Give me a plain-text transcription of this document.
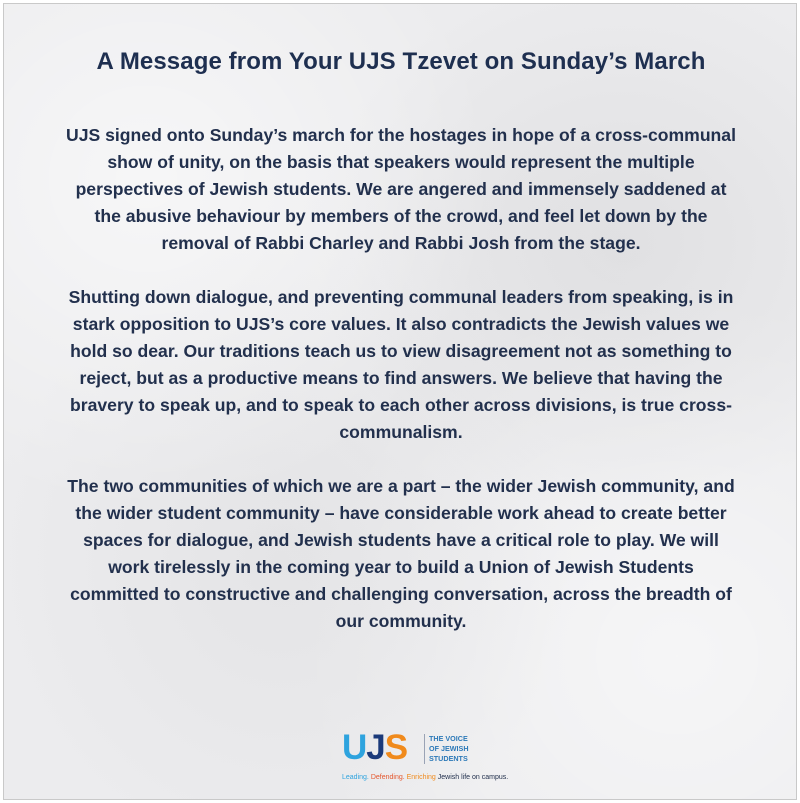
A Message from Your UJS Tzevet on Sunday’s March

UJS signed onto Sunday’s march for the hostages in hope of a cross-communal show of unity, on the basis that speakers would represent the multiple perspectives of Jewish students. We are angered and immensely saddened at the abusive behaviour by members of the crowd, and feel let down by the removal of Rabbi Charley and Rabbi Josh from the stage.

Shutting down dialogue, and preventing communal leaders from speaking, is in stark opposition to UJS’s core values. It also contradicts the Jewish values we hold so dear. Our traditions teach us to view disagreement not as something to reject, but as a productive means to find answers. We believe that having the bravery to speak up, and to speak to each other across divisions, is true cross-communalism.

The two communities of which we are a part – the wider Jewish community, and the wider student community – have considerable work ahead to create better spaces for dialogue, and Jewish students have a critical role to play. We will work tirelessly in the coming year to build a Union of Jewish Students committed to constructive and challenging conversation, across the breadth of our community.

UJS	THE VOICE
OF JEWISH
STUDENTS
Leading. Defending. Enriching Jewish life on campus.
